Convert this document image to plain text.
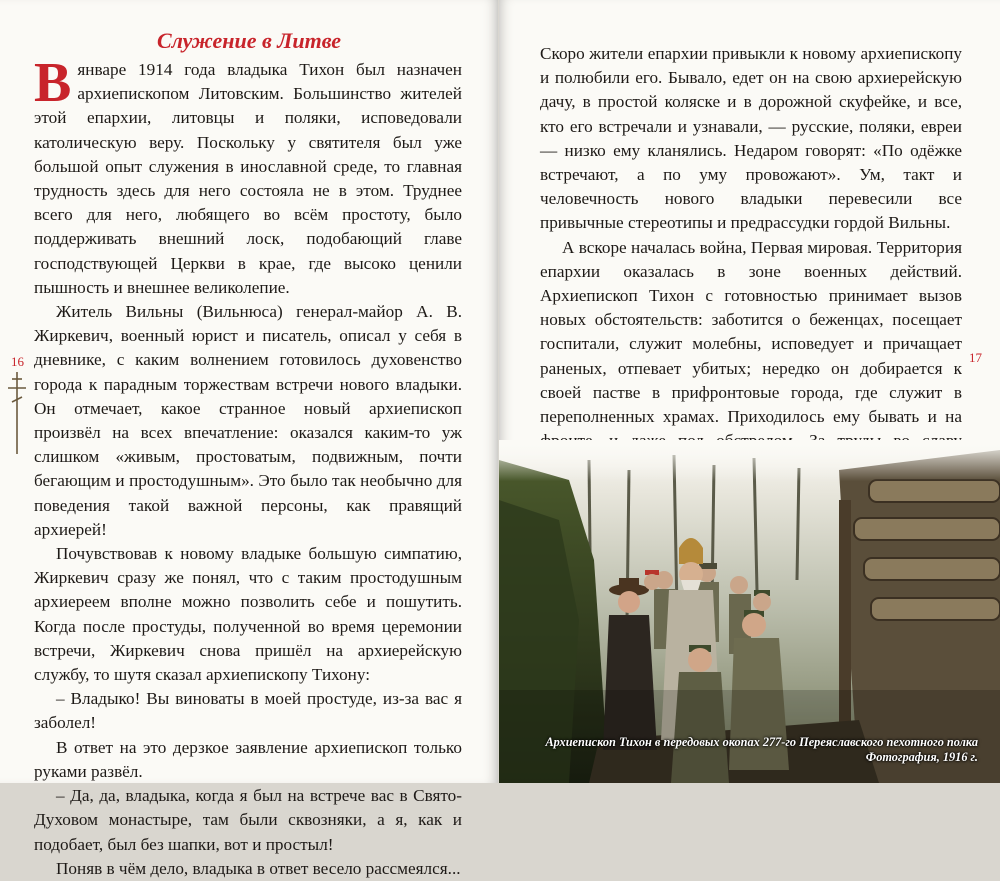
Служение в Литве

Вянваре 1914 года владыка Тихон был назначен архиепископом Литовским. Большинство жителей этой епархии, литовцы и поляки, исповедовали католическую веру. Поскольку у святителя был уже большой опыт служения в инославной среде, то главная трудность здесь для него состояла не в этом. Труднее всего для него, любящего во всём простоту, было поддерживать внешний лоск, подобающий главе господствующей Церкви в крае, где высоко ценили пышность и внешнее великолепие.

Житель Вильны (Вильнюса) генерал-майор А. В. Жиркевич, военный юрист и писатель, описал у себя в дневнике, с каким волнением готовилось духовенство города к парадным торжествам встречи нового владыки. Он отмечает, какое странное новый архиепископ произвёл на всех впечатление: оказался каким-то уж слишком «живым, простоватым, подвижным, почти бегающим и простодушным». Это было так необычно для поведения такой важной персоны, как правящий архиерей!

Почувствовав к новому владыке большую симпатию, Жиркевич сразу же понял, что с таким простодушным архиереем вполне можно позволить себе и пошутить. Когда после простуды, полученной во время церемонии встречи, Жиркевич снова пришёл на архиерейскую службу, то шутя сказал архиепископу Тихону:

– Владыко! Вы виноваты в моей простуде, из-за вас я заболел!

В ответ на это дерзкое заявление архиепископ только руками развёл.

– Да, да, владыка, когда я был на встрече вас в Свято-Духовом монастыре, там были сквозняки, а я, как и подобает, был без шапки, вот и простыл!

Поняв в чём дело, владыка в ответ весело рассмеялся...

16

Скоро жители епархии привыкли к новому архиепископу и полюбили его. Бывало, едет он на свою архиерейскую дачу, в простой коляске и в дорожной скуфейке, и все, кто его встречали и узнавали, — русские, поляки, евреи — низко ему кланялись. Недаром говорят: «По одёжке встречают, а по уму провожают». Ум, такт и человечность нового владыки перевесили все привычные стереотипы и предрассудки гордой Вильны.

А вскоре началась война, Первая мировая. Территория епархии оказалась в зоне военных действий. Архиепископ Тихон с готовностью принимает вызов новых обстоятельств: заботится о беженцах, посещает госпитали, служит молебны, исповедует и причащает раненых, отпевает убитых; нередко он добирается к своей пастве в прифронтовые города, где служит в переполненных храмах. Приходилось ему бывать и на

17
Архиепископ Тихон в передовых окопах 277-го Переяславского пехотного полка
Фотография, 1916 г.
